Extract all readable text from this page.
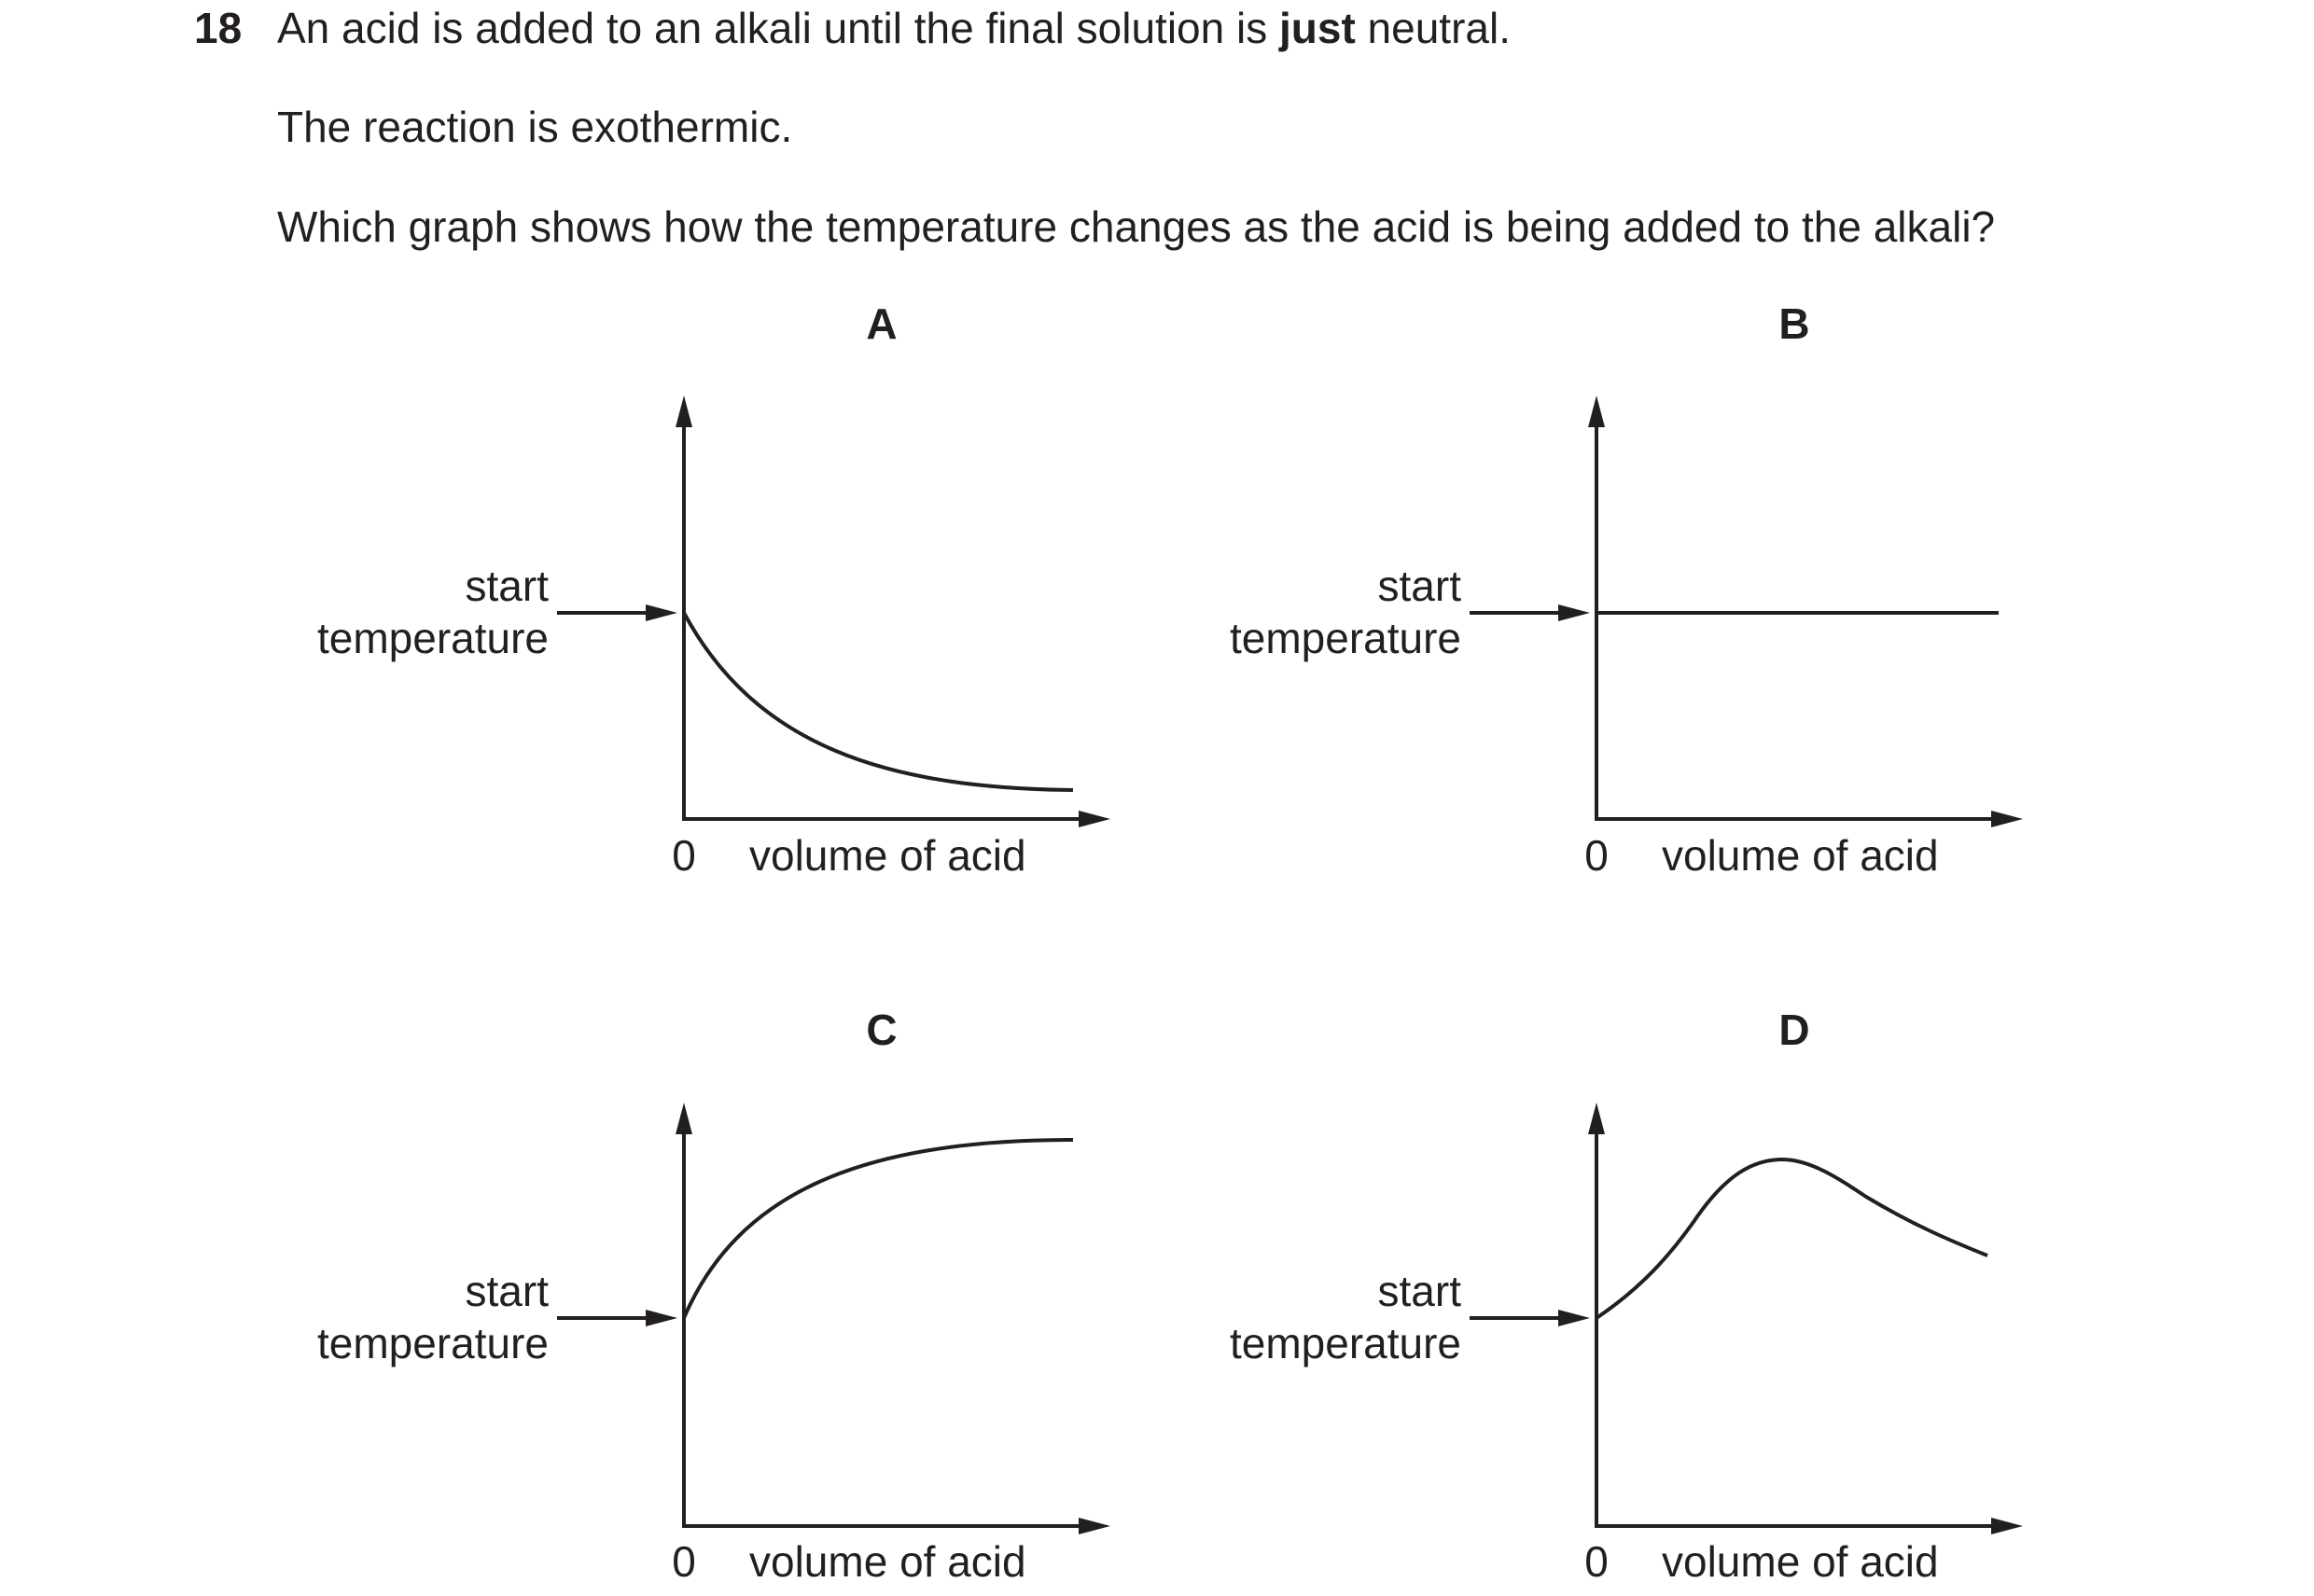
18 An acid is added to an alkali until the final solution is just neutral.
The reaction is exothermic.
Which graph shows how the temperature changes as the acid is being added to the alkali?
A
start
temperature
0 volume of acid
B
start
temperature
0 volume of acid
C
start
temperature
0 volume of acid
D
start
temperature
0 volume of acid
